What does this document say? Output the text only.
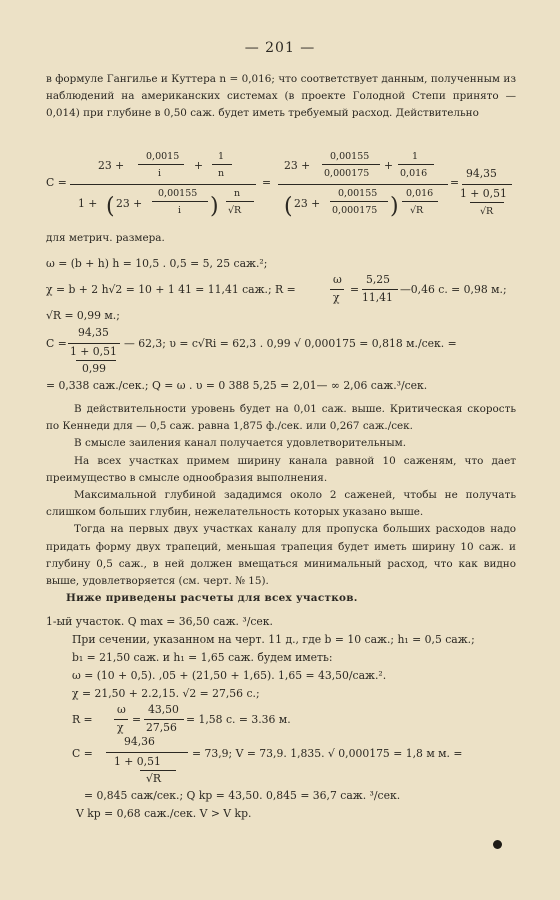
— 201 —

в формуле Гангилье и Куттера n = 0,016; что соответствует данным, полученным из наблюдений на американских системах (в проекте Голодной Степи принято — 0,014) при глубине в 0,50 саж. будет иметь требуемый расход. Действительно

C =
23 +
0,0015
i
+
1
n
1 + ( 23 +
0,00155
i )
n
√R
=
23 +
0,00155
0,000175
+
1
0,016
( 23 +
0,00155
0,000175 )
0,016
√R
=
94,35
1 + 0,51
√R
для метрич. размера.
ω = (b + h) h = 10,5 . 0,5 = 5, 25 саж.²;
χ = b + 2 h√2 = 10 + 1 41 = 11,41 саж.; R =
ω
χ
=
5,25
11,41
—0,46 с. = 0,98 м.;
√R = 0,99 м.;
C =
94,35
1 + 0,51
0,99
— 62,3; υ = c√Ri = 62,3 . 0,99 √ 0,000175 = 0,818 м./сек. =
= 0,338 саж./сек.; Q = ω . υ = 0 388 5,25 = 2,01— ∞ 2,06 саж.³/сек.

В действительности уровень будет на 0,01 саж. выше. Критическая скорость по Кеннеди для — 0,5 саж. равна 1,875 ф./сек. или 0,267 саж./сек.

В смысле заиления канал получается удовлетворительным.

На всех участках примем ширину канала равной 10 саженям, что дает преимущество в смысле однообразия выполнения.

Максимальной глубиной зададимся около 2 саженей, чтобы не получать слишком больших глубин, нежелательность которых указано выше.

Тогда на первых двух участках каналу для пропуска больших расходов надо придать форму двух трапеций, меньшая трапеция будет иметь ширину 10 саж. и глубину 0,5 саж., в ней должен вмещаться минимальный расход, что как видно выше, удовлетворяется (см. черт. № 15).

Ниже приведены расчеты для всех участков.
1-ый участок. Q max = 36,50 саж. ³/сек.
При сечении, указанном на черт. 11 д., где b = 10 саж.; h₁ = 0,5 саж.;
b₁ = 21,50 саж. и h₁ = 1,65 саж. будем иметь:
ω = (10 + 0,5). ,05 + (21,50 + 1,65). 1,65 = 43,50/саж.².
χ = 21,50 + 2.2,15. √2 = 27,56 с.;
R =
ω
χ
=
43,50
27,56
= 1,58 с. = 3.36 м.
C =
94,36
1 + 0,51
√R
= 73,9; V = 73,9. 1,835. √ 0,000175 = 1,8 м м. =
= 0,845 саж/сек.; Q kp = 43,50. 0,845 = 36,7 саж. ³/сек.
V kp = 0,68 саж./сек. V > V kp.
